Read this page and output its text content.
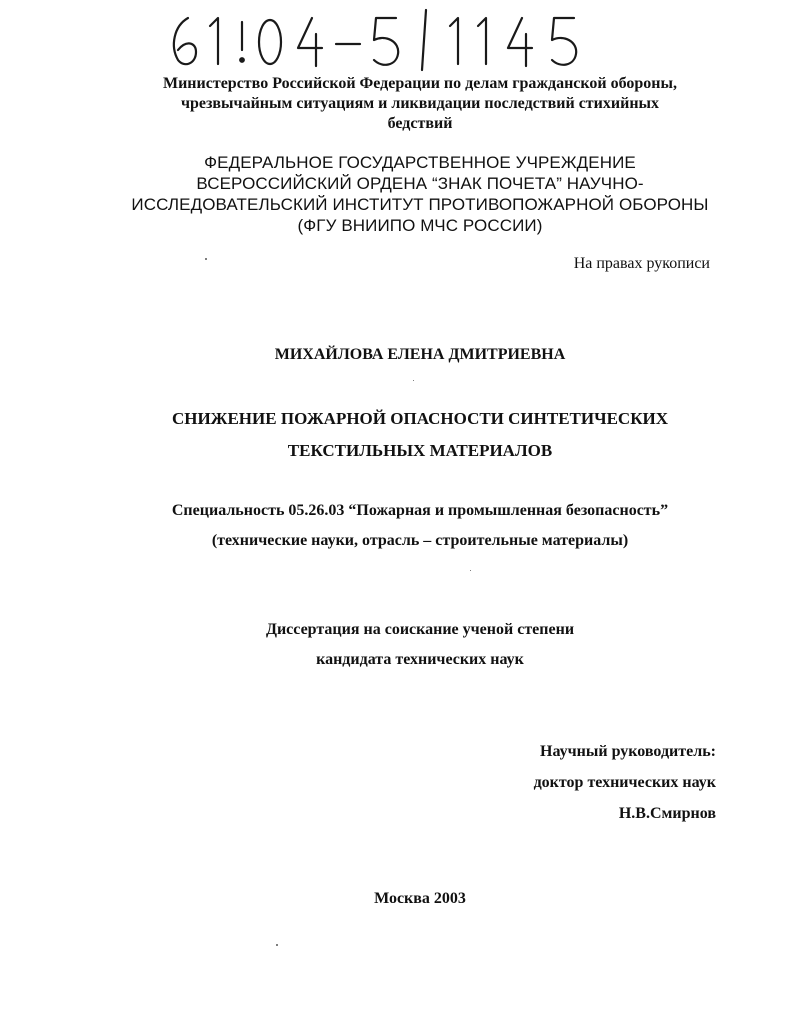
Министерство Российской Федерации по делам гражданской обороны,
чрезвычайным ситуациям и ликвидации последствий стихийных
бедствий
ФЕДЕРАЛЬНОЕ ГОСУДАРСТВЕННОЕ УЧРЕЖДЕНИЕ
ВСЕРОССИЙСКИЙ ОРДЕНА “ЗНАК ПОЧЕТА” НАУЧНО-
ИССЛЕДОВАТЕЛЬСКИЙ ИНСТИТУТ ПРОТИВОПОЖАРНОЙ ОБОРОНЫ
(ФГУ ВНИИПО МЧС РОССИИ)
На правах рукописи
МИХАЙЛОВА ЕЛЕНА ДМИТРИЕВНА
СНИЖЕНИЕ ПОЖАРНОЙ ОПАСНОСТИ СИНТЕТИЧЕСКИХ
ТЕКСТИЛЬНЫХ МАТЕРИАЛОВ
Специальность 05.26.03 “Пожарная и промышленная безопасность”
(технические науки, отрасль – строительные материалы)
Диссертация на соискание ученой степени
кандидата технических наук
Научный руководитель:
доктор технических наук
Н.В.Смирнов
Москва 2003
